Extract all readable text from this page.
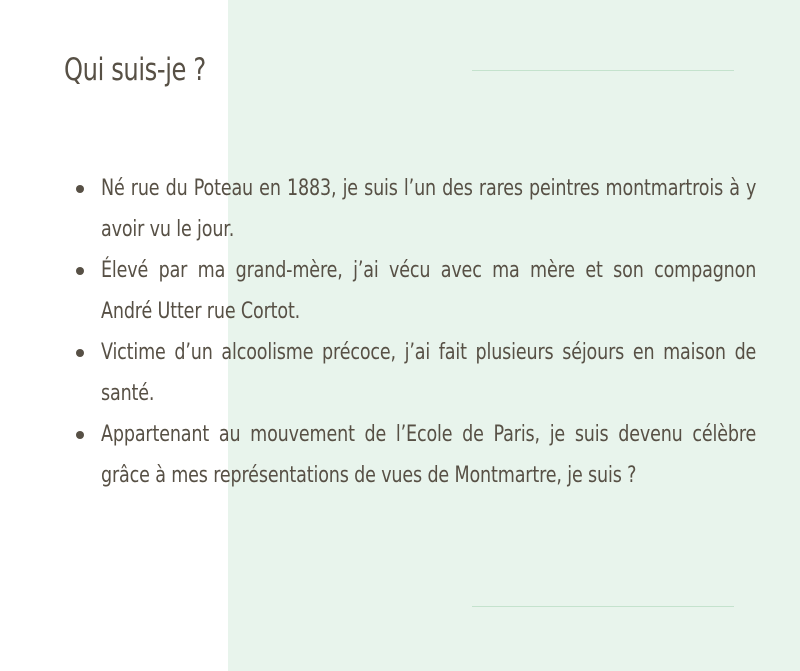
Qui suis-je ?
Né rue du Poteau en 1883, je suis l’un des rares peintres montmartrois à y avoir vu le jour.
Élevé par ma grand-mère, j’ai vécu avec ma mère et son compagnon André Utter rue Cortot.
Victime d’un alcoolisme précoce, j’ai fait plusieurs séjours en maison de santé.
Appartenant au mouvement de l’Ecole de Paris, je suis devenu célèbre grâce à mes représentations de vues de Montmartre, je suis ?
